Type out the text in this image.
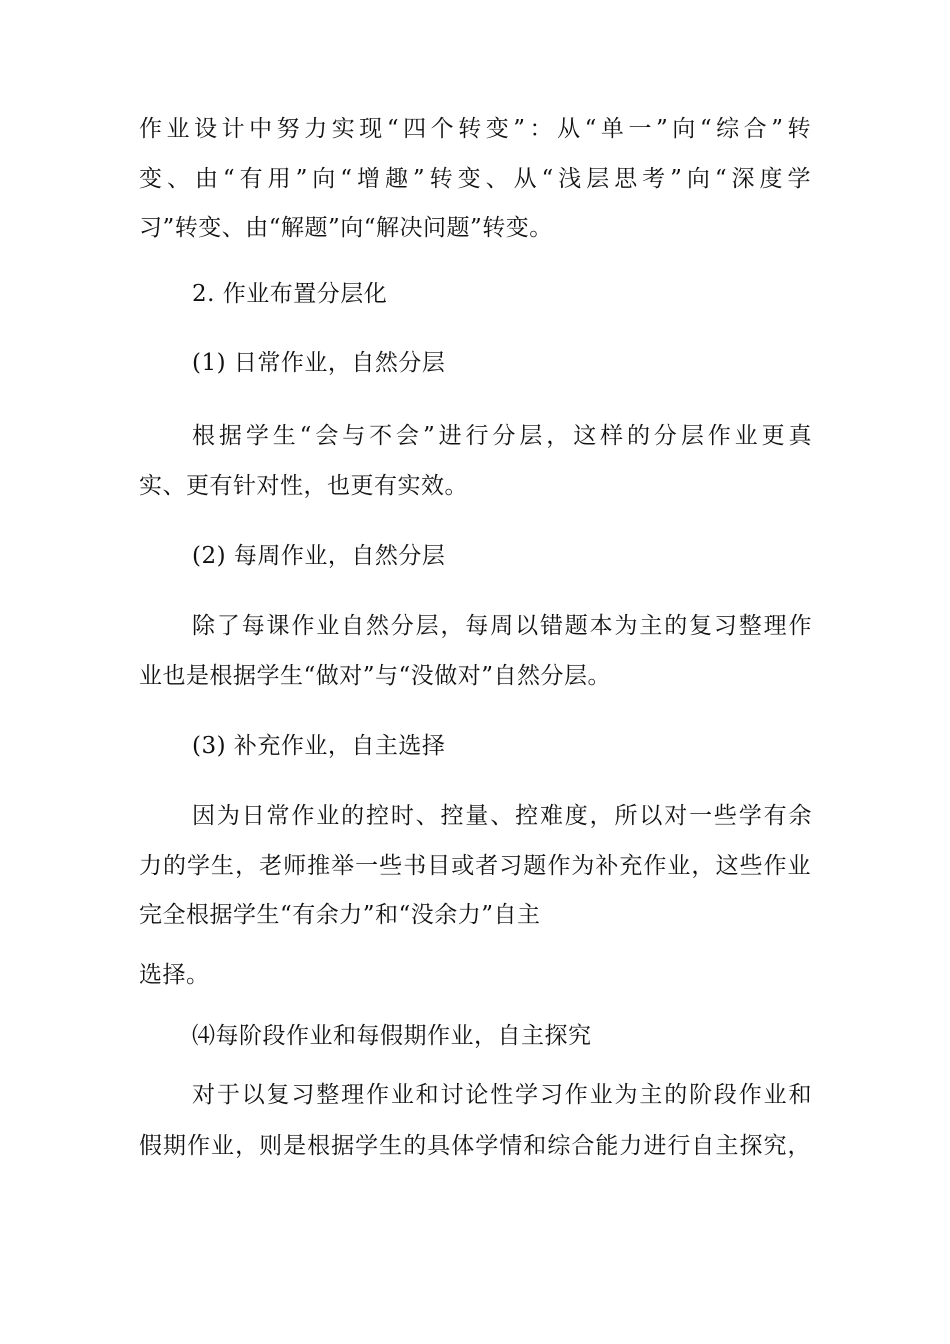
作业设计中努力实现“四个转变”：从“单一”向“综合”转
变、由“有用”向“增趣”转变、从“浅层思考”向“深度学
习”转变、由“解题”向“解决问题”转变。
2. 作业布置分层化
(1) 日常作业，自然分层
根据学生“会与不会”进行分层，这样的分层作业更真
实、更有针对性，也更有实效。
(2) 每周作业，自然分层
除了每课作业自然分层，每周以错题本为主的复习整理作
业也是根据学生“做对”与“没做对”自然分层。
(3) 补充作业，自主选择
因为日常作业的控时、控量、控难度，所以对一些学有余
力的学生，老师推举一些书目或者习题作为补充作业，这些作业
完全根据学生“有余力”和“没余力”自主
选择。
⑷每阶段作业和每假期作业，自主探究
对于以复习整理作业和讨论性学习作业为主的阶段作业和
假期作业，则是根据学生的具体学情和综合能力进行自主探究，
